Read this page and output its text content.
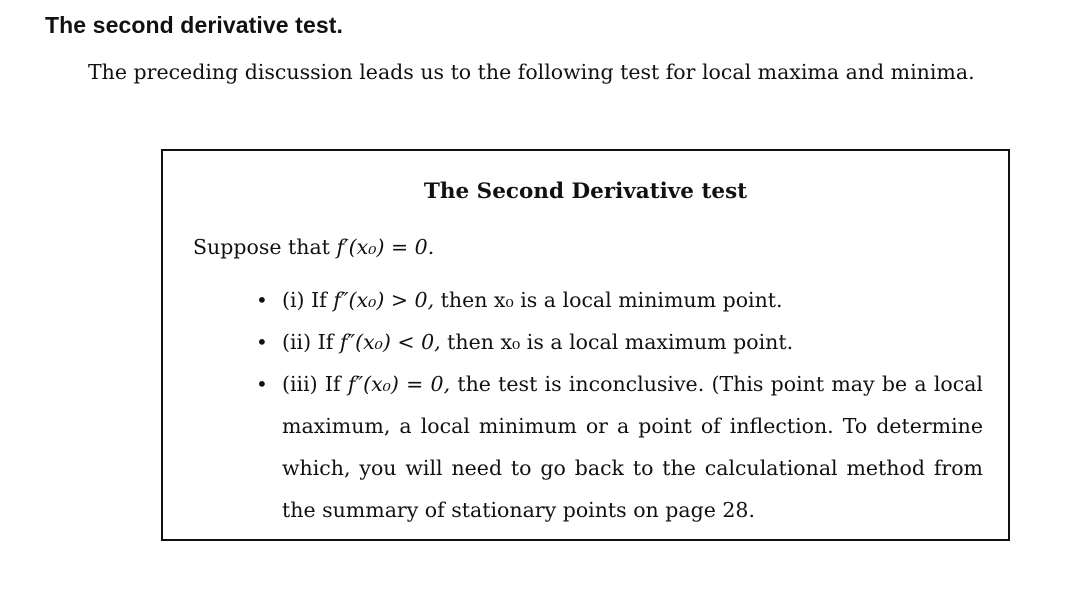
The second derivative test.

The preceding discussion leads us to the following test for local maxima and minima.

The Second Derivative test

Suppose that f′(x₀) = 0.

• (i) If f″(x₀) > 0, then x₀ is a local minimum point.
• (ii) If f″(x₀) < 0, then x₀ is a local maximum point.
• (iii) If f″(x₀) = 0, the test is inconclusive. (This point may be a local maximum, a local minimum or a point of inflection. To determine which, you will need to go back to the calculational method from the summary of stationary points on page 28.
